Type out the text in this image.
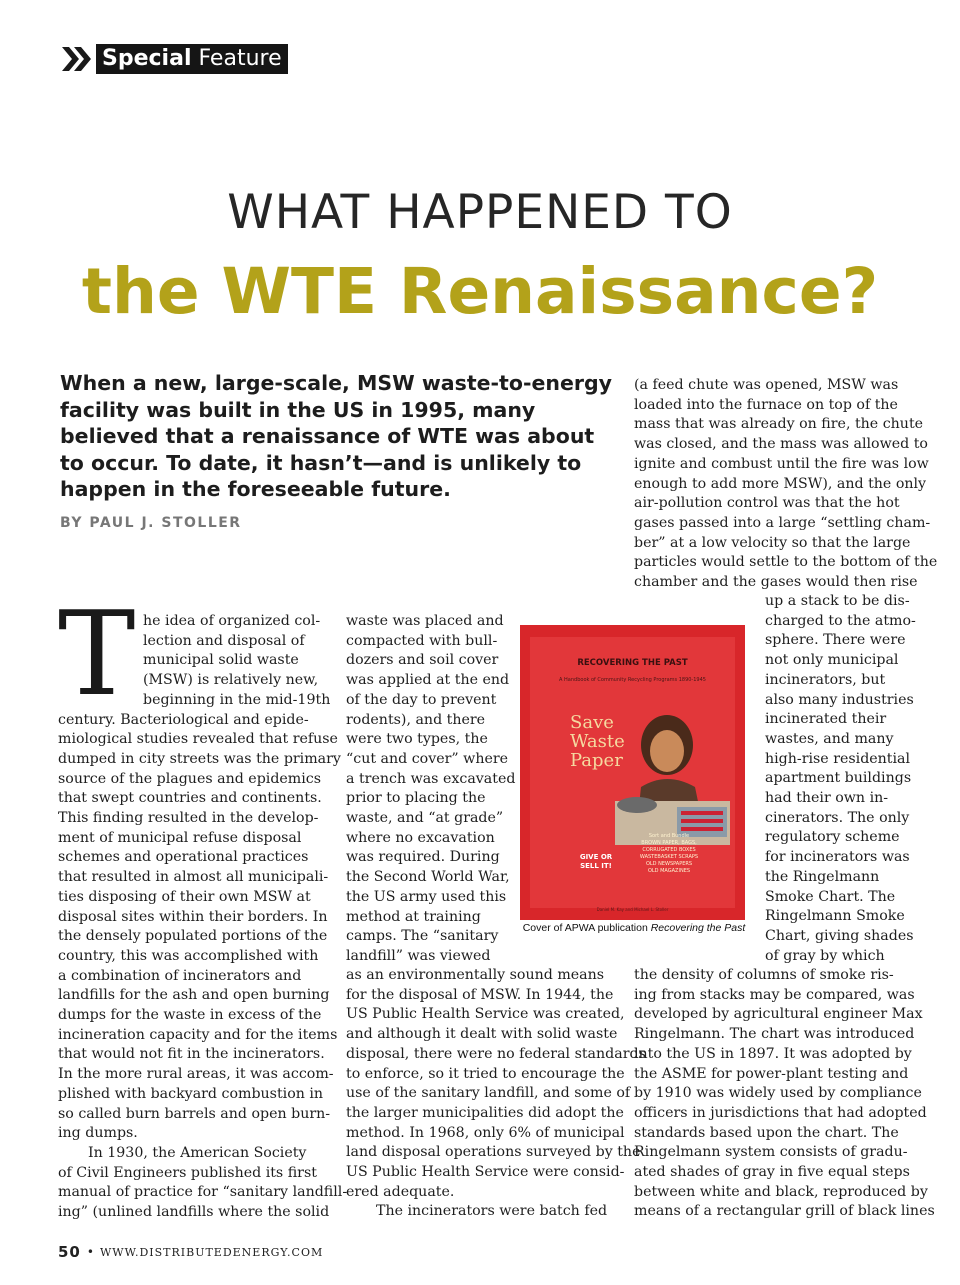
Special Feature
WHAT HAPPENED TO
the WTE Renaissance?
When a new, large-scale, MSW waste-to-energy
facility was built in the US in 1995, many
believed that a renaissance of WTE was about
to occur. To date, it hasn’t—and is unlikely to
happen in the foreseeable future.
BY PAUL J. STOLLER
T he idea of organized col-
lection and disposal of
municipal solid waste
(MSW) is relatively new,
beginning in the mid-19th
century. Bacteriological and epide-
miological studies revealed that refuse
dumped in city streets was the primary
source of the plagues and epidemics
that swept countries and continents.
This finding resulted in the develop-
ment of municipal refuse disposal
schemes and operational practices
that resulted in almost all municipali-
ties disposing of their own MSW at
disposal sites within their borders. In
the densely populated portions of the
country, this was accomplished with
a combination of incinerators and
landfills for the ash and open burning
dumps for the waste in excess of the
incineration capacity and for the items
that would not fit in the incinerators.
In the more rural areas, it was accom-
plished with backyard combustion in
so called burn barrels and open burn-
ing dumps.
In 1930, the American Society
of Civil Engineers published its first
manual of practice for “sanitary landfill-
ing” (unlined landfills where the solid
waste was placed and
compacted with bull-
dozers and soil cover
was applied at the end
of the day to prevent
rodents), and there
were two types, the
“cut and cover” where
a trench was excavated
prior to placing the
waste, and “at grade”
where no excavation
was required. During
the Second World War,
the US army used this
method at training
camps. The “sanitary
landfill” was viewed
as an environmentally sound means
for the disposal of MSW. In 1944, the
US Public Health Service was created,
and although it dealt with solid waste
disposal, there were no federal standards
to enforce, so it tried to encourage the
use of the sanitary landfill, and some of
the larger municipalities did adopt the
method. In 1968, only 6% of municipal
land disposal operations surveyed by the
US Public Health Service were consid-
ered adequate.
The incinerators were batch fed
(a feed chute was opened, MSW was
loaded into the furnace on top of the
mass that was already on fire, the chute
was closed, and the mass was allowed to
ignite and combust until the fire was low
enough to add more MSW), and the only
air-pollution control was that the hot
gases passed into a large “settling cham-
ber” at a low velocity so that the large
particles would settle to the bottom of the
chamber and the gases would then rise
up a stack to be dis-
charged to the atmo-
sphere. There were
not only municipal
incinerators, but
also many industries
incinerated their
wastes, and many
high-rise residential
apartment buildings
had their own in-
cinerators. The only
regulatory scheme
for incinerators was
the Ringelmann
Smoke Chart. The
Ringelmann Smoke
Chart, giving shades
of gray by which
the density of columns of smoke ris-
ing from stacks may be compared, was
developed by agricultural engineer Max
Ringelmann. The chart was introduced
into the US in 1897. It was adopted by
the ASME for power-plant testing and
by 1910 was widely used by compliance
officers in jurisdictions that had adopted
standards based upon the chart. The
Ringelmann system consists of gradu-
ated shades of gray in five equal steps
between white and black, reproduced by
means of a rectangular grill of black lines
RECOVERING THE PAST
A Handbook of Community Recycling Programs 1890-1945
Save
Waste
Paper
Sort and Bundle
BROWN PAPER, BAGS,
CORRUGATED BOXES
WASTEBASKET SCRAPS
OLD NEWSPAPERS
OLD MAGAZINES
GIVE OR
SELL IT!
Daniel M. Kay and Michael L. Stoller
Cover of APWA publication Recovering the Past
50 • WWW.DISTRIBUTEDENERGY.COM
